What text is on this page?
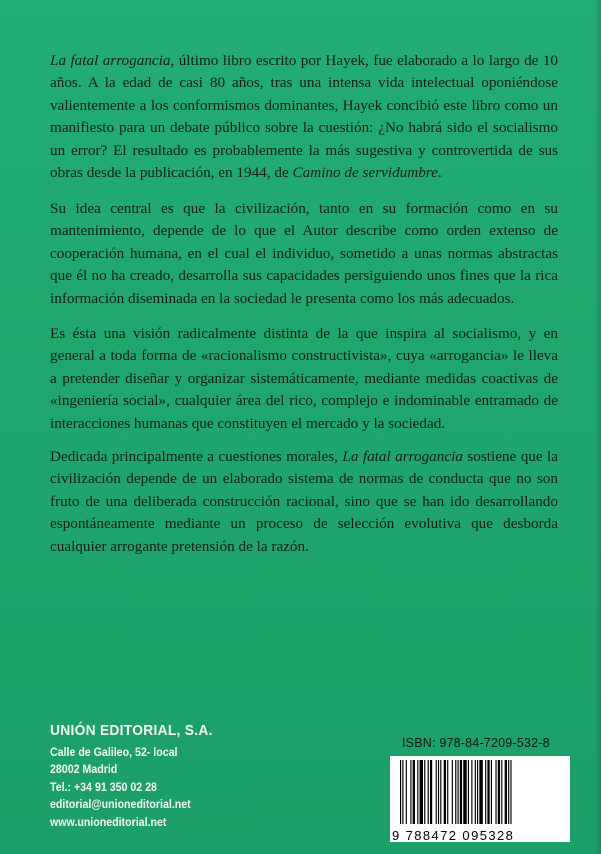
La fatal arrogancia, último libro escrito por Hayek, fue elaborado a lo largo de 10 años. A la edad de casi 80 años, tras una intensa vida intelectual oponiéndose valientemente a los conformismos dominantes, Hayek concibió este libro como un manifiesto para un debate público sobre la cuestión: ¿No habrá sido el socialismo un error? El resultado es probablemente la más sugestiva y controvertida de sus obras desde la publicación, en 1944, de Camino de servidumbre.
Su idea central es que la civilización, tanto en su formación como en su mantenimiento, depende de lo que el Autor describe como orden extenso de cooperación humana, en el cual el individuo, sometido a unas normas abstractas que él no ha creado, desarrolla sus capacidades persiguiendo unos fines que la rica información diseminada en la sociedad le presenta como los más adecuados.
Es ésta una visión radicalmente distinta de la que inspira al socialismo, y en general a toda forma de «racionalismo constructivista», cuya «arrogancia» le lleva a pretender diseñar y organizar sistemáticamente, mediante medidas coactivas de «ingeniería social», cualquier área del rico, complejo e indominable entramado de interacciones humanas que constituyen el mercado y la sociedad.
Dedicada principalmente a cuestiones morales, La fatal arrogancia sostiene que la civilización depende de un elaborado sistema de normas de conducta que no son fruto de una deliberada construcción racional, sino que se han ido desarrollando espontáneamente mediante un proceso de selección evolutiva que desborda cualquier arrogante pretensión de la razón.
UNIÓN EDITORIAL, S.A.
Calle de Galileo, 52- local
28002 Madrid
Tel.: +34 91 350 02 28
editorial@unioneditorial.net
www.unioneditorial.net
ISBN: 978-84-7209-532-8
9 788472 095328
